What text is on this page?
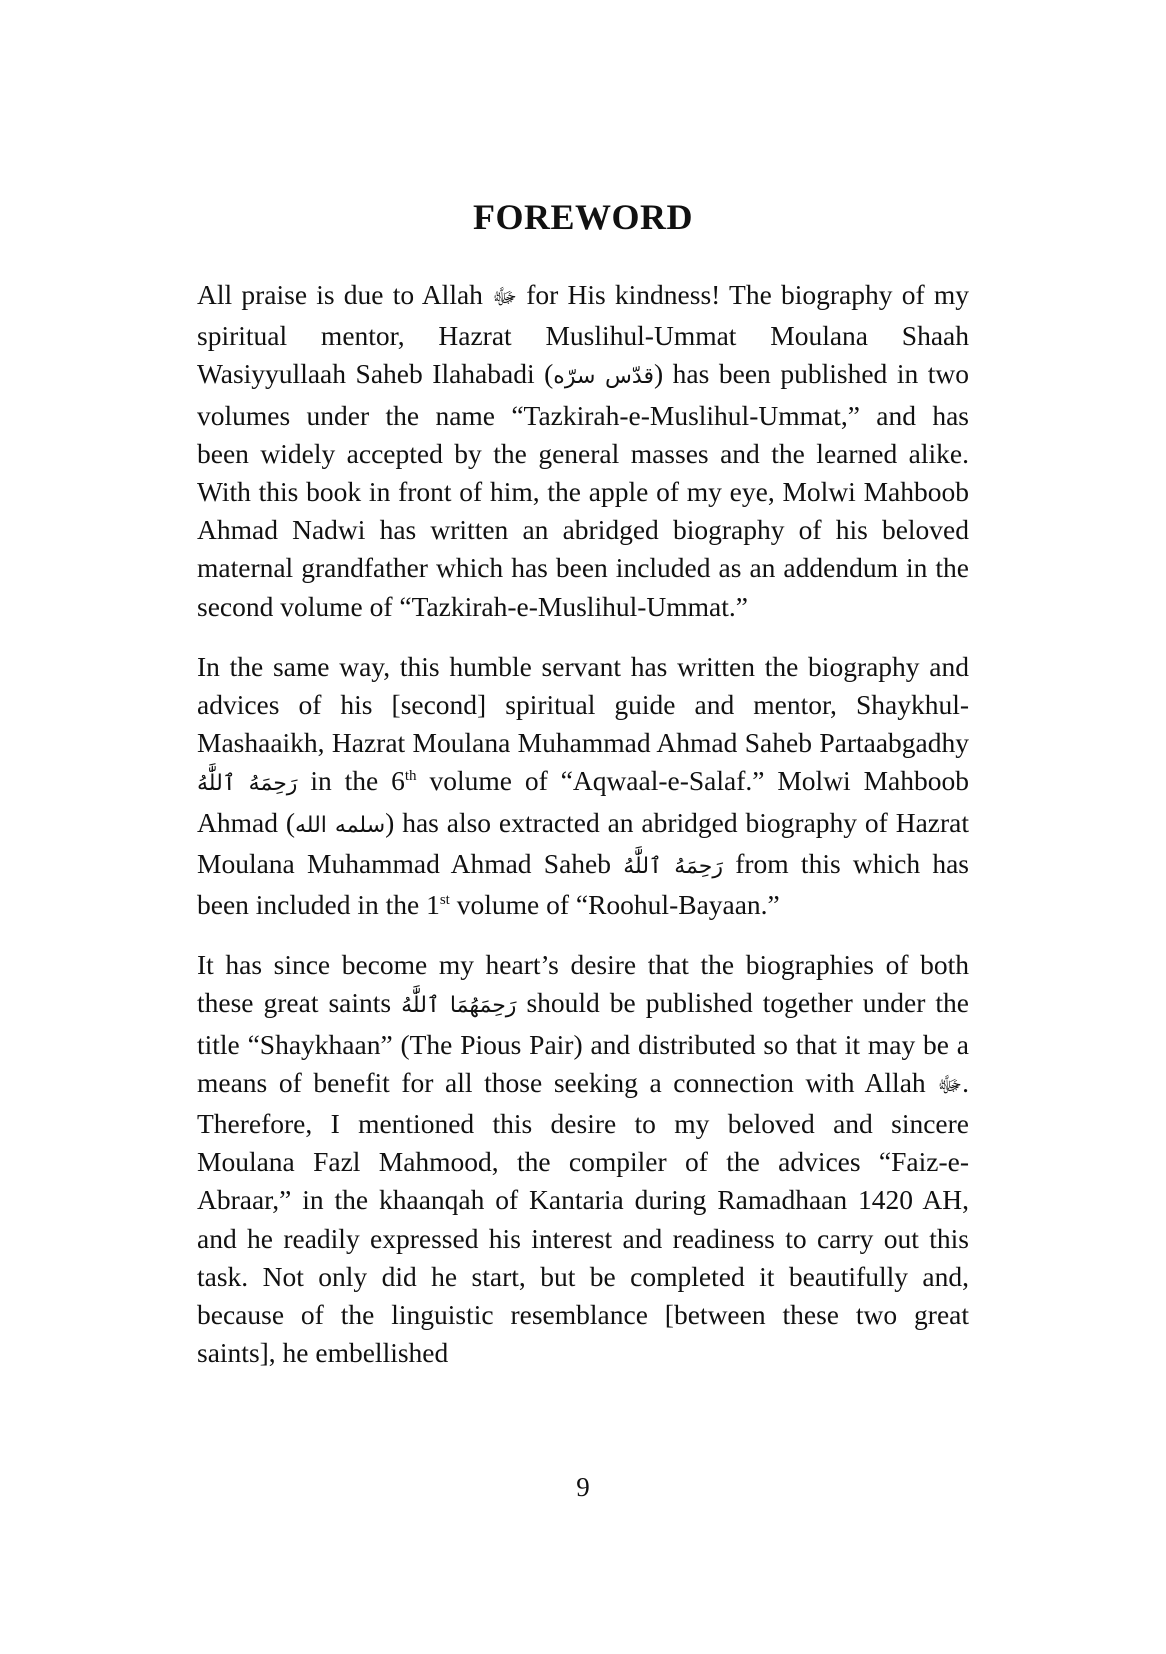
FOREWORD

All praise is due to Allah ﷻ for His kindness! The biography of my spiritual mentor, Hazrat Muslihul-Ummat Moulana Shaah Wasiyyullaah Saheb Ilahabadi (قدّس سرّه) has been published in two volumes under the name “Tazkirah-e-Muslihul-Ummat,” and has been widely accepted by the general masses and the learned alike. With this book in front of him, the apple of my eye, Molwi Mahboob Ahmad Nadwi has written an abridged biography of his beloved maternal grandfather which has been included as an addendum in the second volume of “Tazkirah-e-Muslihul-Ummat.”

In the same way, this humble servant has written the biography and advices of his [second] spiritual guide and mentor, Shaykhul-Mashaaikh, Hazrat Moulana Muhammad Ahmad Saheb Partaabgadhy رَحِمَهُ ٱللَّٰهُ in the 6th volume of “Aqwaal-e-Salaf.” Molwi Mahboob Ahmad (سلمه الله) has also extracted an abridged biography of Hazrat Moulana Muhammad Ahmad Saheb رَحِمَهُ ٱللَّٰهُ from this which has been included in the 1st volume of “Roohul-Bayaan.”

It has since become my heart’s desire that the biographies of both these great saints رَحِمَهُمَا ٱللَّٰهُ should be published together under the title “Shaykhaan” (The Pious Pair) and distributed so that it may be a means of benefit for all those seeking a connection with Allah ﷻ. Therefore, I mentioned this desire to my beloved and sincere Moulana Fazl Mahmood, the compiler of the advices “Faiz-e-Abraar,” in the khaanqah of Kantaria during Ramadhaan 1420 AH, and he readily expressed his interest and readiness to carry out this task. Not only did he start, but be completed it beautifully and, because of the linguistic resemblance [between these two great saints], he embellished

9
